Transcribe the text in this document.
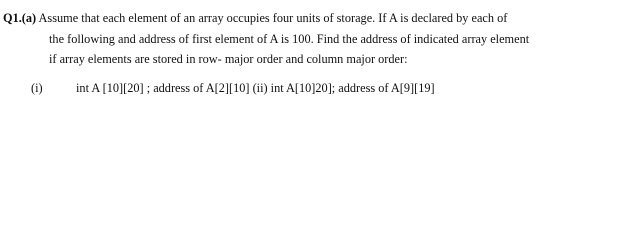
Q1.(a) Assume that each element of an array occupies four units of storage. If A is declared by each of
the following and address of first element of A is 100. Find the address of indicated array element
if array elements are stored in row- major order and column major order:
(i)	int A [10][20] ; address of A[2][10] (ii) int A[10]20]; address of A[9][19]
